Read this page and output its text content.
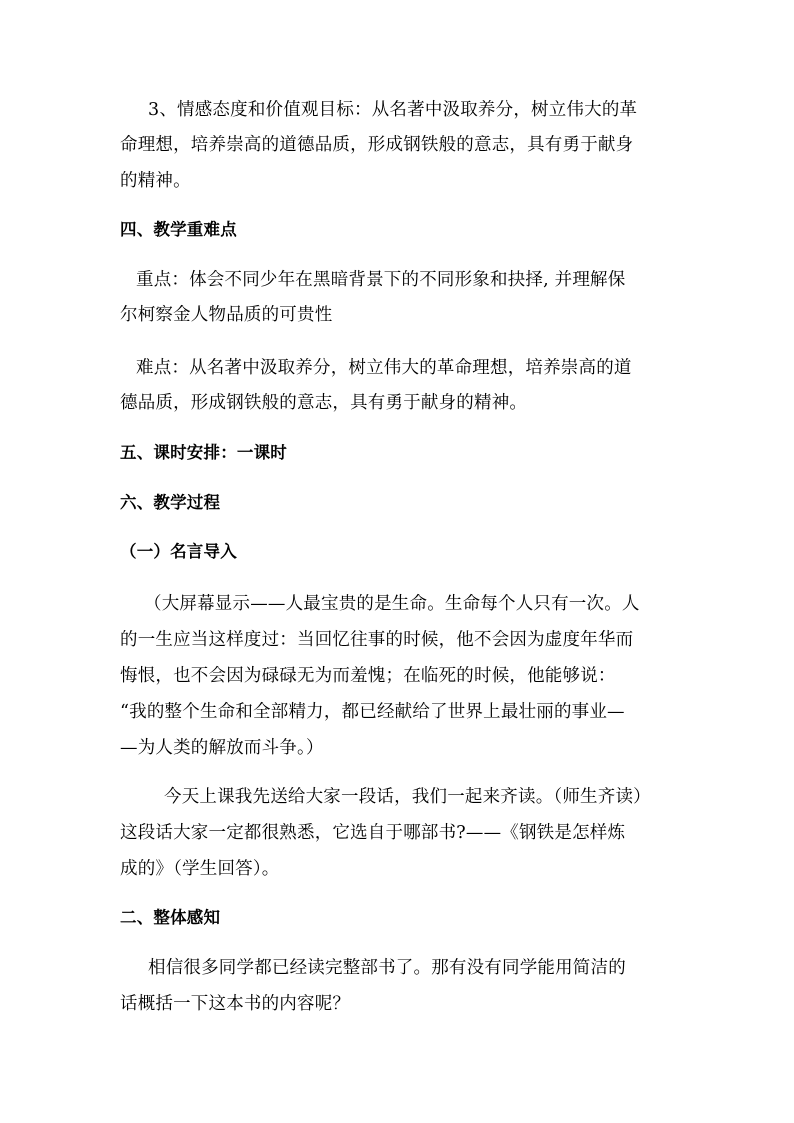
3、情感态度和价值观目标：从名著中汲取养分，树立伟大的革
命理想，培养崇高的道德品质，形成钢铁般的意志，具有勇于献身
的精神。
四、教学重难点
重点：体会不同少年在黑暗背景下的不同形象和抉择, 并理解保
尔柯察金人物品质的可贵性
难点：从名著中汲取养分，树立伟大的革命理想，培养崇高的道
德品质，形成钢铁般的意志，具有勇于献身的精神。
五、课时安排：一课时
六、教学过程
（一）名言导入
（大屏幕显示——人最宝贵的是生命。生命每个人只有一次。人
的一生应当这样度过：当回忆往事的时候，他不会因为虚度年华而
悔恨，也不会因为碌碌无为而羞愧；在临死的时候，他能够说：
“我的整个生命和全部精力，都已经献给了世界上最壮丽的事业—
—为人类的解放而斗争。）
今天上课我先送给大家一段话，我们一起来齐读。（师生齐读）
这段话大家一定都很熟悉，它选自于哪部书?——《钢铁是怎样炼
成的》（学生回答）。
二、整体感知
相信很多同学都已经读完整部书了。那有没有同学能用简洁的
话概括一下这本书的内容呢？
